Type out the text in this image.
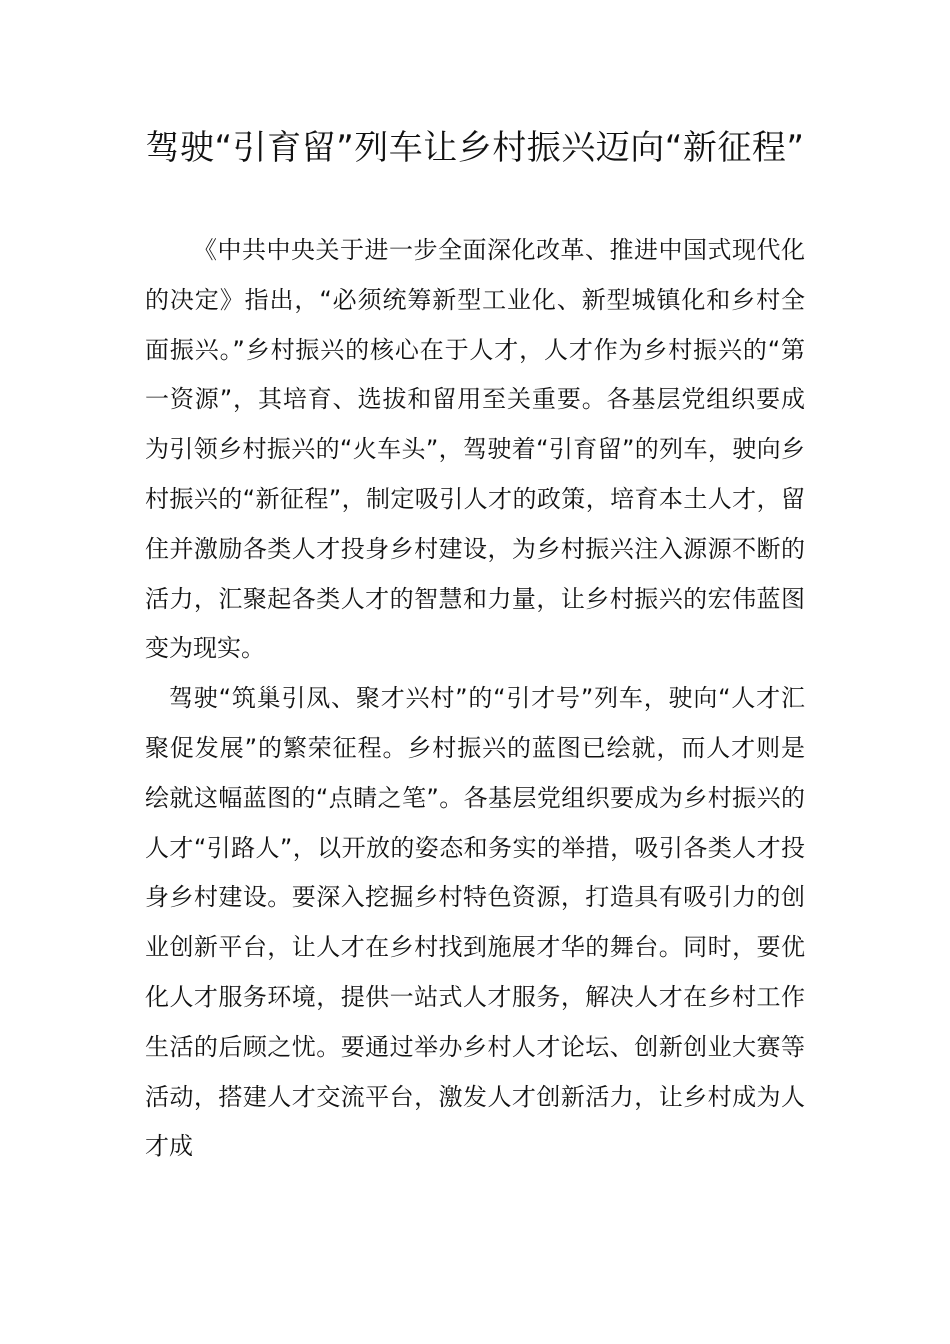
驾驶“引育留”列车让乡村振兴迈向“新征程”

《中共中央关于进一步全面深化改革、推进中国式现代化的决定》指出，“必须统筹新型工业化、新型城镇化和乡村全面振兴。”乡村振兴的核心在于人才，人才作为乡村振兴的“第一资源”，其培育、选拔和留用至关重要。各基层党组织要成为引领乡村振兴的“火车头”，驾驶着“引育留”的列车，驶向乡村振兴的“新征程”，制定吸引人才的政策，培育本土人才，留住并激励各类人才投身乡村建设，为乡村振兴注入源源不断的活力，汇聚起各类人才的智慧和力量，让乡村振兴的宏伟蓝图变为现实。

驾驶“筑巢引凤、聚才兴村”的“引才号”列车，驶向“人才汇聚促发展”的繁荣征程。乡村振兴的蓝图已绘就，而人才则是绘就这幅蓝图的“点睛之笔”。各基层党组织要成为乡村振兴的人才“引路人”，以开放的姿态和务实的举措，吸引各类人才投身乡村建设。要深入挖掘乡村特色资源，打造具有吸引力的创业创新平台，让人才在乡村找到施展才华的舞台。同时，要优化人才服务环境，提供一站式人才服务，解决人才在乡村工作生活的后顾之忧。要通过举办乡村人才论坛、创新创业大赛等活动，搭建人才交流平台，激发人才创新活力，让乡村成为人才成
